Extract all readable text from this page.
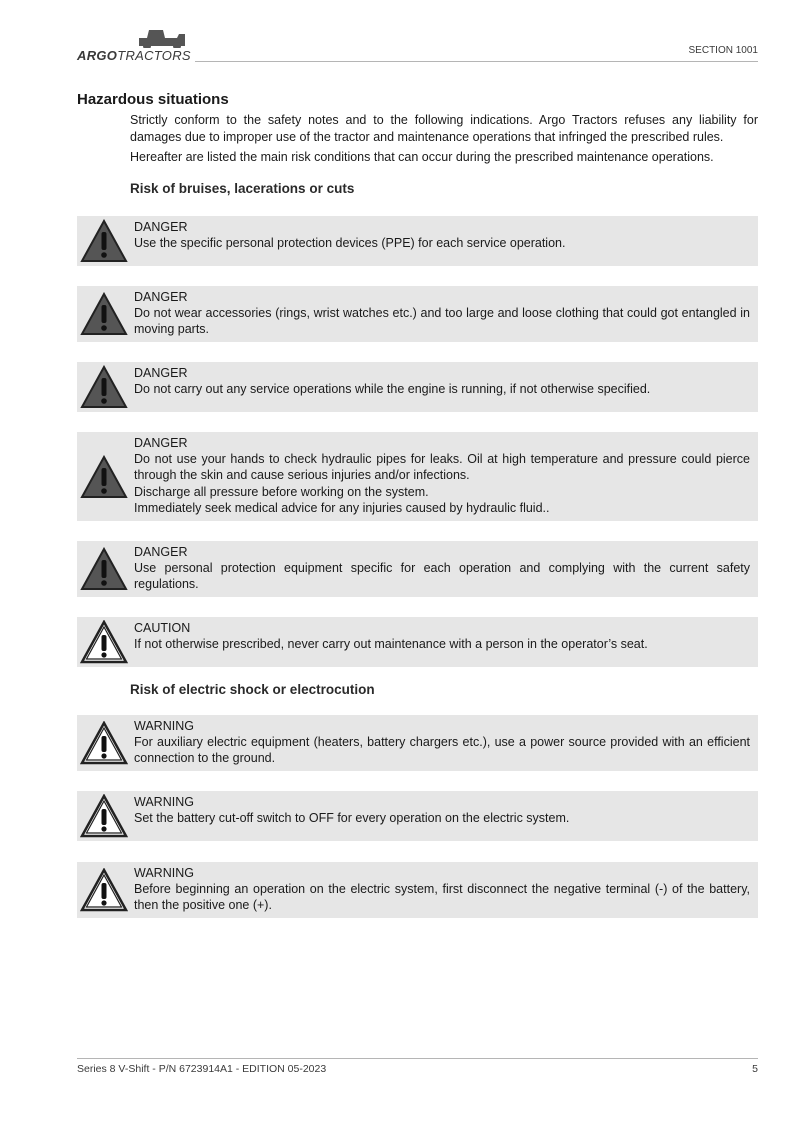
ARGOTRACTORS	SECTION 1001
Hazardous situations

Strictly conform to the safety notes and to the following indications. Argo Tractors refuses any liability for damages due to improper use of the tractor and maintenance operations that infringed the prescribed rules.

Hereafter are listed the main risk conditions that can occur during the prescribed maintenance operations.

Risk of bruises, lacerations or cuts
Risk of electric shock or electrocution
DANGER
Use the specific personal protection devices (PPE) for each service operation.
DANGER
Do not wear accessories (rings, wrist watches etc.) and too large and loose clothing that could got entangled in moving parts.
DANGER
Do not carry out any service operations while the engine is running, if not otherwise specified.
DANGER
Do not use your hands to check hydraulic pipes for leaks. Oil at high temperature and pressure could pierce through the skin and cause serious injuries and/or infections.
Discharge all pressure before working on the system.
Immediately seek medical advice for any injuries caused by hydraulic fluid..
DANGER
Use personal protection equipment specific for each operation and complying with the current safety regulations.
CAUTION
If not otherwise prescribed, never carry out maintenance with a person in the operator’s seat.
WARNING
For auxiliary electric equipment (heaters, battery chargers etc.), use a power source provided with an efficient connection to the ground.
WARNING
Set the battery cut-off switch to OFF for every operation on the electric system.
WARNING
Before beginning an operation on the electric system, first disconnect the negative terminal (-) of the battery, then the positive one (+).
Series 8 V-Shift - P/N 6723914A1 - EDITION 05-2023	5
